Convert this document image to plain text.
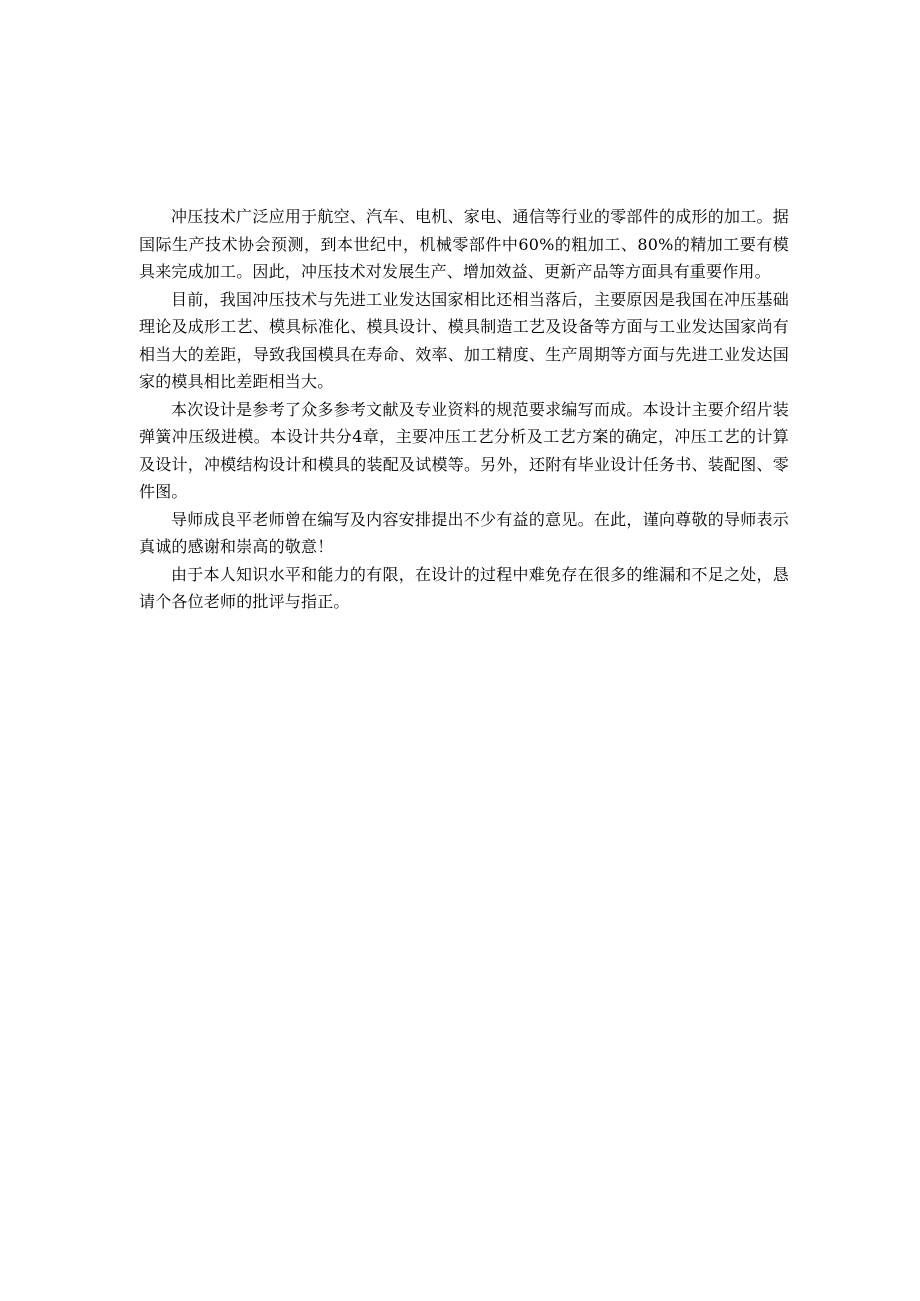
冲压技术广泛应用于航空、汽车、电机、家电、通信等行业的零部件的成形的加工。据国际生产技术协会预测，到本世纪中，机械零部件中60%的粗加工、80%的精加工要有模具来完成加工。因此，冲压技术对发展生产、增加效益、更新产品等方面具有重要作用。

目前，我国冲压技术与先进工业发达国家相比还相当落后，主要原因是我国在冲压基础理论及成形工艺、模具标准化、模具设计、模具制造工艺及设备等方面与工业发达国家尚有相当大的差距，导致我国模具在寿命、效率、加工精度、生产周期等方面与先进工业发达国家的模具相比差距相当大。

本次设计是参考了众多参考文献及专业资料的规范要求编写而成。本设计主要介绍片装弹簧冲压级进模。本设计共分4章，主要冲压工艺分析及工艺方案的确定，冲压工艺的计算及设计，冲模结构设计和模具的装配及试模等。另外，还附有毕业设计任务书、装配图、零件图。

导师成良平老师曾在编写及内容安排提出不少有益的意见。在此，谨向尊敬的导师表示真诚的感谢和崇高的敬意！

由于本人知识水平和能力的有限，在设计的过程中难免存在很多的维漏和不足之处，恳请个各位老师的批评与指正。
